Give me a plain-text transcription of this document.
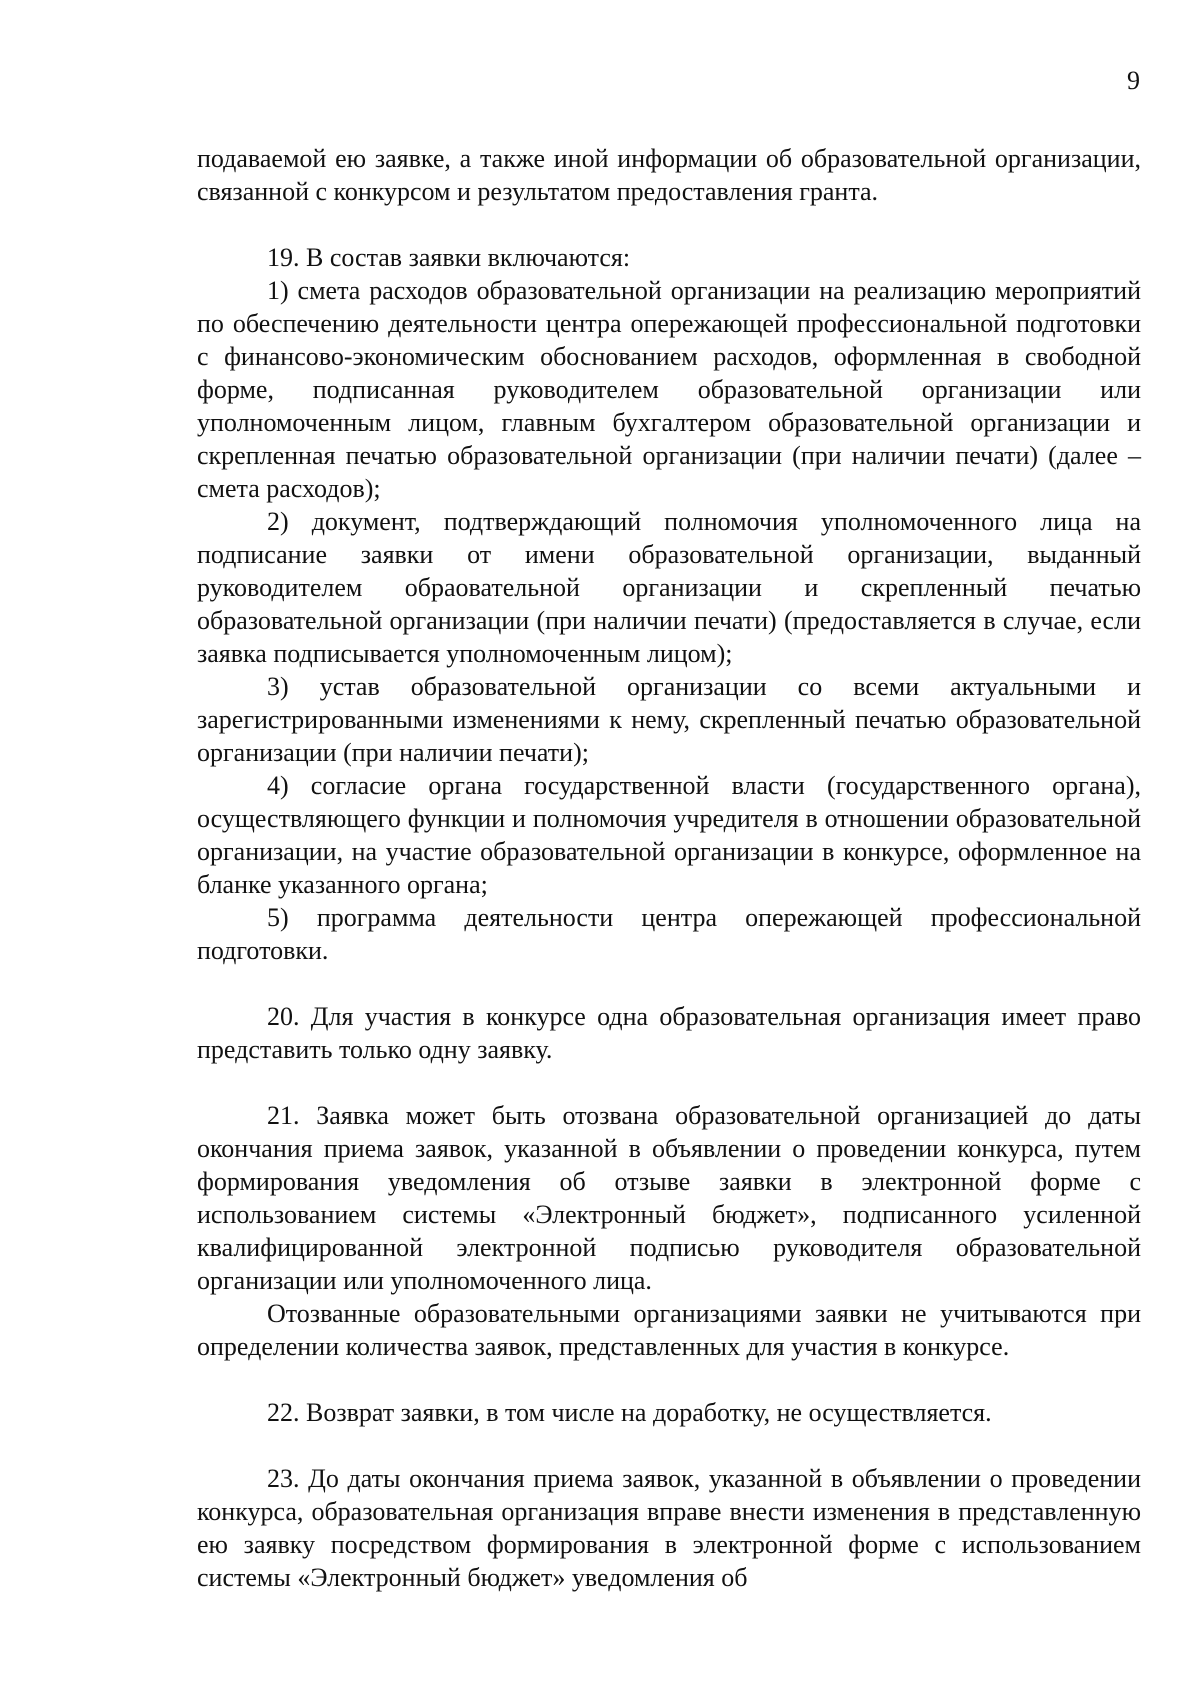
9

подаваемой ею заявке, а также иной информации об образовательной организации, связанной с конкурсом и результатом предоставления гранта.

19. В состав заявки включаются:

1) смета расходов образовательной организации на реализацию мероприятий по обеспечению деятельности центра опережающей профессиональной подготовки с финансово-экономическим обоснованием расходов, оформленная в свободной форме, подписанная руководителем образовательной организации или уполномоченным лицом, главным бухгалтером образовательной организации и скрепленная печатью образовательной организации (при наличии печати) (далее – смета расходов);

2) документ, подтверждающий полномочия уполномоченного лица на подписание заявки от имени образовательной организации, выданный руководителем обраовательной организации и скрепленный печатью образовательной организации (при наличии печати) (предоставляется в случае, если заявка подписывается уполномоченным лицом);

3) устав образовательной организации со всеми актуальными и зарегистрированными изменениями к нему, скрепленный печатью образовательной организации (при наличии печати);

4) согласие органа государственной власти (государственного органа), осуществляющего функции и полномочия учредителя в отношении образовательной организации, на участие образовательной организации в конкурсе, оформленное на бланке указанного органа;

5) программа деятельности центра опережающей профессиональной подготовки.

20. Для участия в конкурсе одна образовательная организация имеет право представить только одну заявку.

21. Заявка может быть отозвана образовательной организацией до даты окончания приема заявок, указанной в объявлении о проведении конкурса, путем формирования уведомления об отзыве заявки в электронной форме с использованием системы «Электронный бюджет», подписанного усиленной квалифицированной электронной подписью руководителя образовательной организации или уполномоченного лица.

Отозванные образовательными организациями заявки не учитываются при определении количества заявок, представленных для участия в конкурсе.

22. Возврат заявки, в том числе на доработку, не осуществляется.

23. До даты окончания приема заявок, указанной в объявлении о проведении конкурса, образовательная организация вправе внести изменения в представленную ею заявку посредством формирования в электронной форме с использованием системы «Электронный бюджет» уведомления об
